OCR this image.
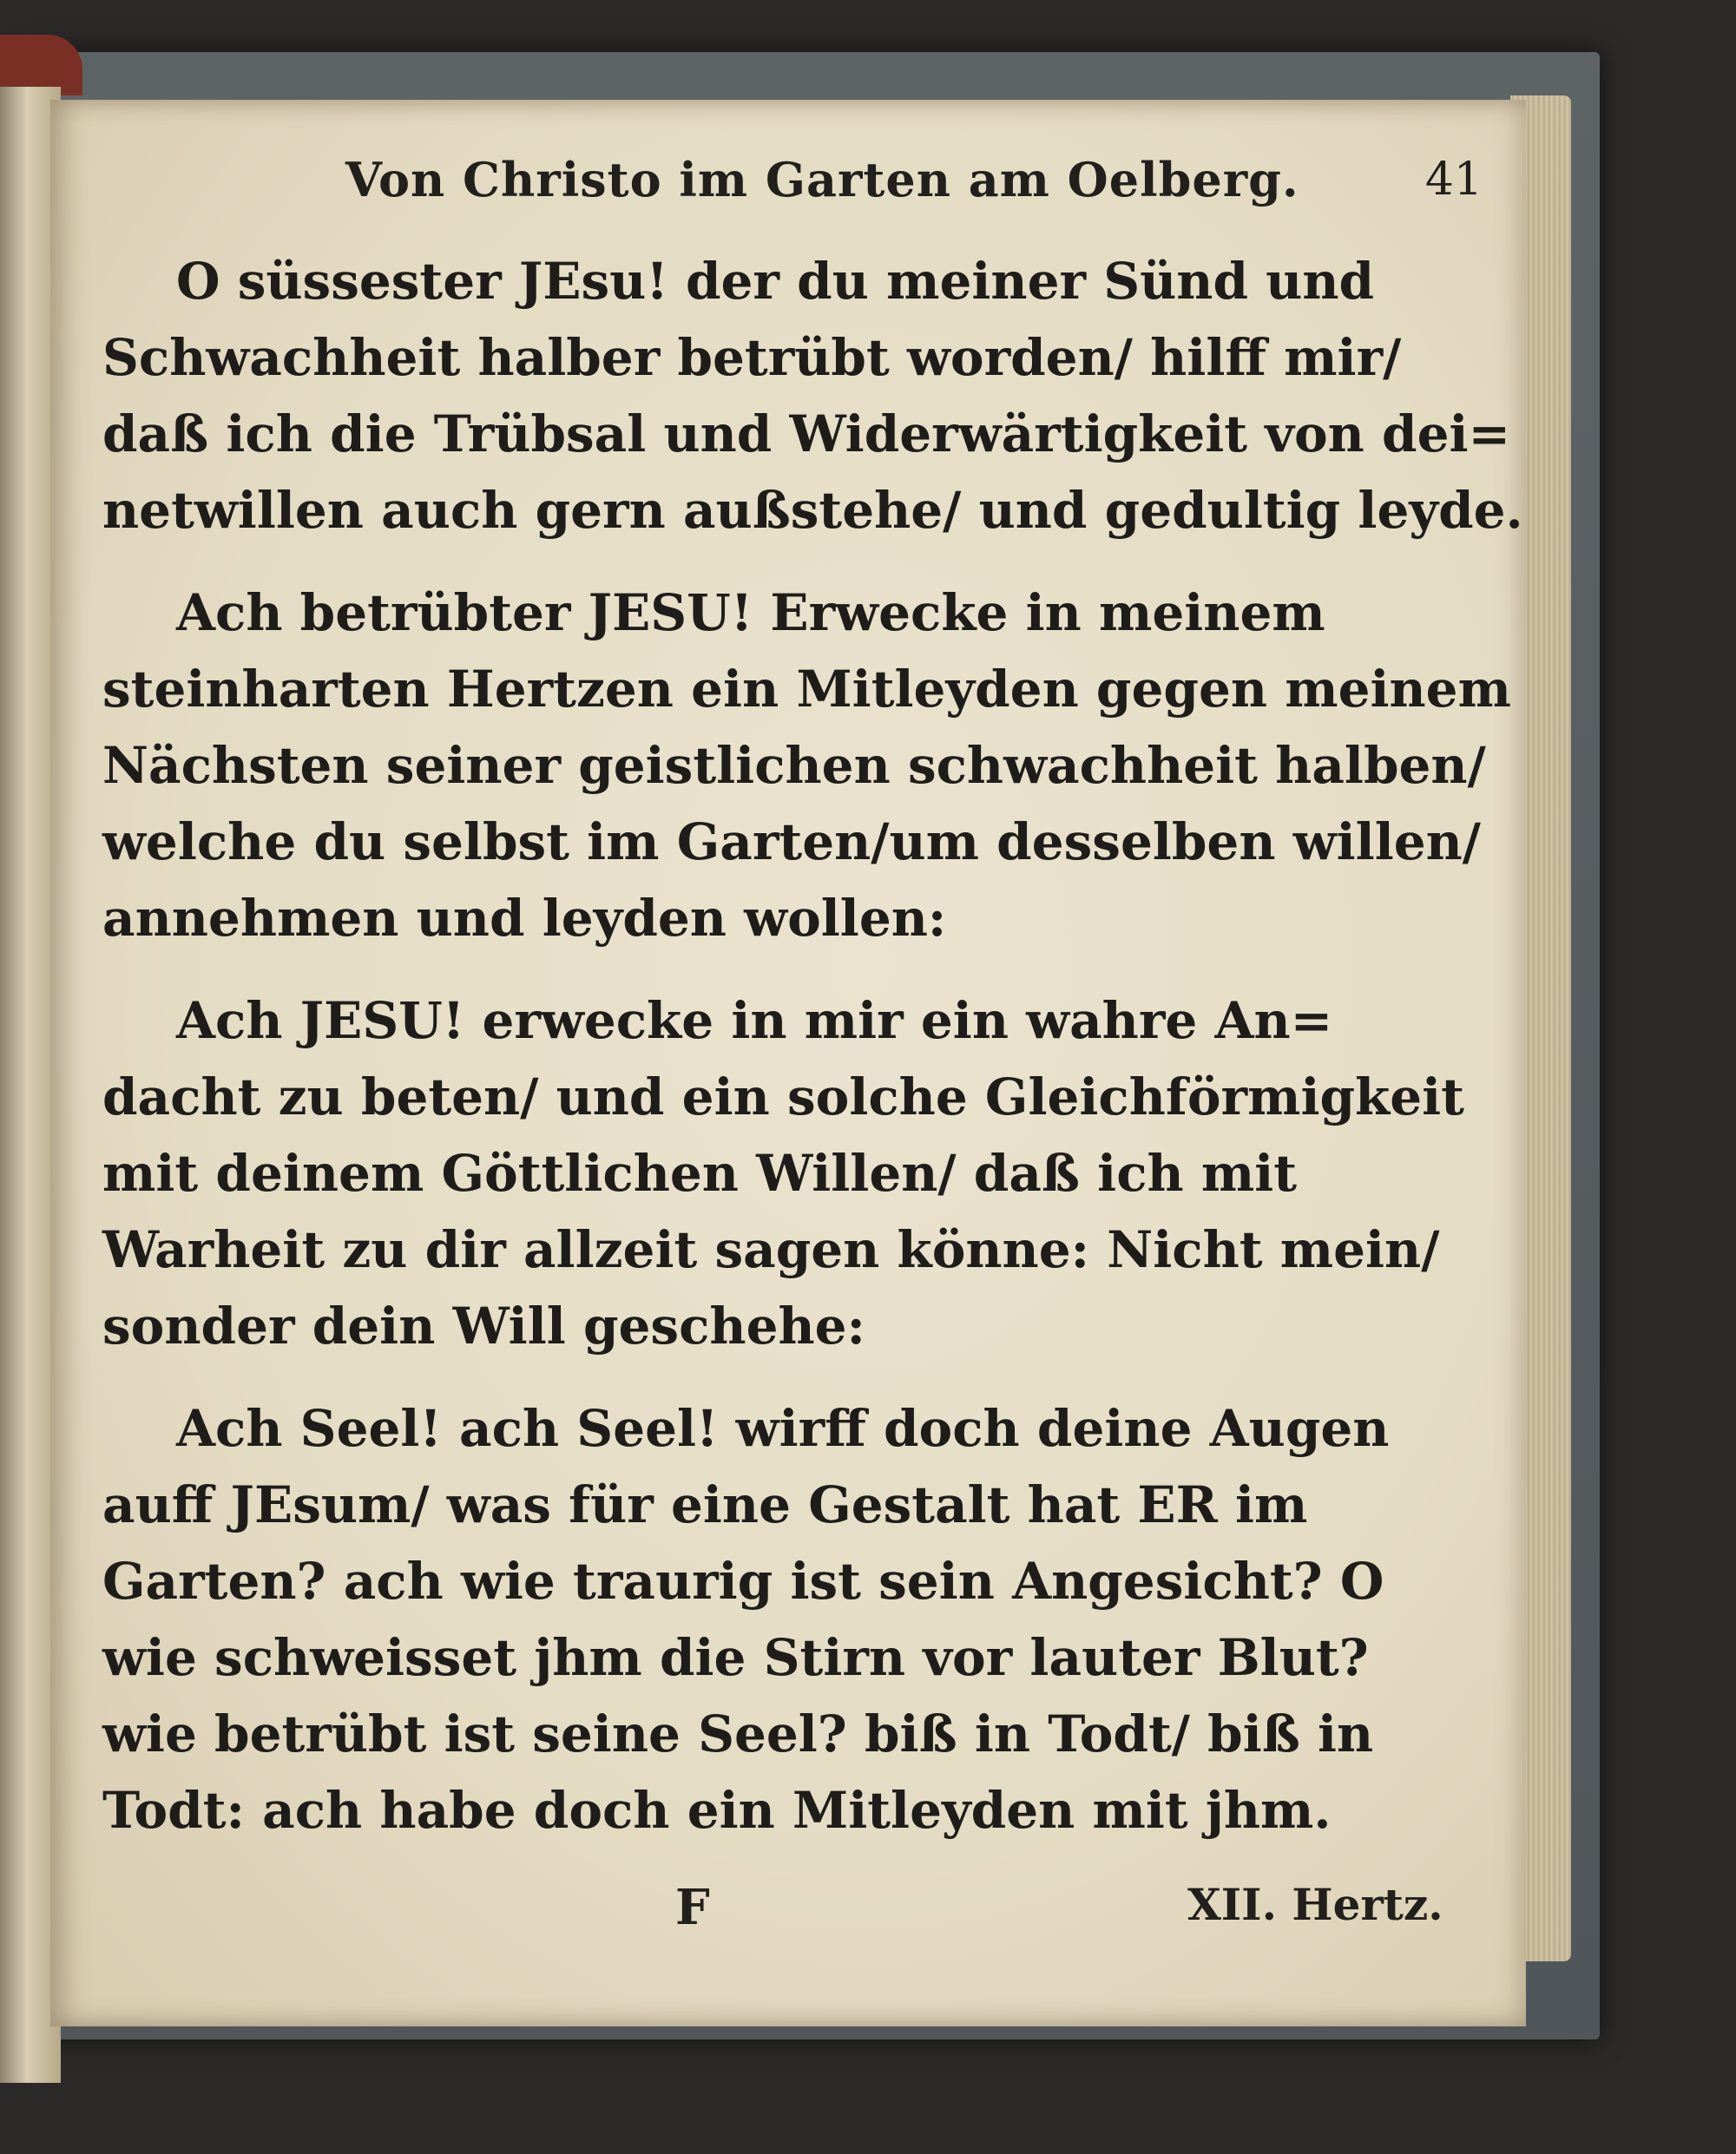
Von Christo im Garten am Oelberg.	41
O süssester JEsu! der du meiner Sünd und
Schwachheit halber betrübt worden/ hilff mir/
daß ich die Trübsal und Widerwärtigkeit von dei=
netwillen auch gern außstehe/ und gedultig leyde.
Ach betrübter JESU! Erwecke in meinem
steinharten Hertzen ein Mitleyden gegen meinem
Nächsten seiner geistlichen schwachheit halben/
welche du selbst im Garten/um desselben willen/
annehmen und leyden wollen:
Ach JESU! erwecke in mir ein wahre An=
dacht zu beten/ und ein solche Gleichförmigkeit
mit deinem Göttlichen Willen/ daß ich mit
Warheit zu dir allzeit sagen könne: Nicht mein/
sonder dein Will geschehe:
Ach Seel! ach Seel! wirff doch deine Augen
auff JEsum/ was für eine Gestalt hat ER im
Garten? ach wie traurig ist sein Angesicht? O
wie schweisset jhm die Stirn vor lauter Blut?
wie betrübt ist seine Seel? biß in Todt/ biß in
Todt: ach habe doch ein Mitleyden mit jhm.
F	XII. Hertz.
